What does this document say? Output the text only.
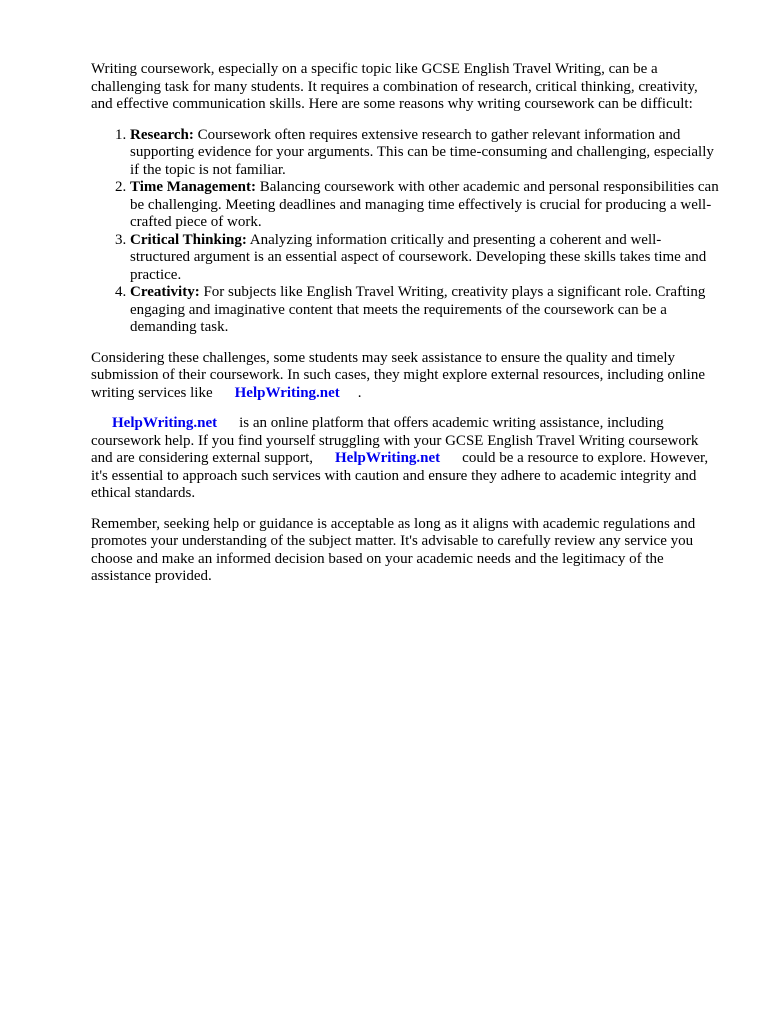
Writing coursework, especially on a specific topic like GCSE English Travel Writing, can be a challenging task for many students. It requires a combination of research, critical thinking, creativity, and effective communication skills. Here are some reasons why writing coursework can be difficult:

1. Research: Coursework often requires extensive research to gather relevant information and supporting evidence for your arguments. This can be time-consuming and challenging, especially if the topic is not familiar.
2. Time Management: Balancing coursework with other academic and personal responsibilities can be challenging. Meeting deadlines and managing time effectively is crucial for producing a well-crafted piece of work.
3. Critical Thinking: Analyzing information critically and presenting a coherent and well-structured argument is an essential aspect of coursework. Developing these skills takes time and practice.
4. Creativity: For subjects like English Travel Writing, creativity plays a significant role. Crafting engaging and imaginative content that meets the requirements of the coursework can be a demanding task.

Considering these challenges, some students may seek assistance to ensure the quality and timely submission of their coursework. In such cases, they might explore external resources, including online writing services like HelpWriting.net .

HelpWriting.net is an online platform that offers academic writing assistance, including coursework help. If you find yourself struggling with your GCSE English Travel Writing coursework and are considering external support, HelpWriting.net could be a resource to explore. However, it's essential to approach such services with caution and ensure they adhere to academic integrity and ethical standards.

Remember, seeking help or guidance is acceptable as long as it aligns with academic regulations and promotes your understanding of the subject matter. It's advisable to carefully review any service you choose and make an informed decision based on your academic needs and the legitimacy of the assistance provided.
